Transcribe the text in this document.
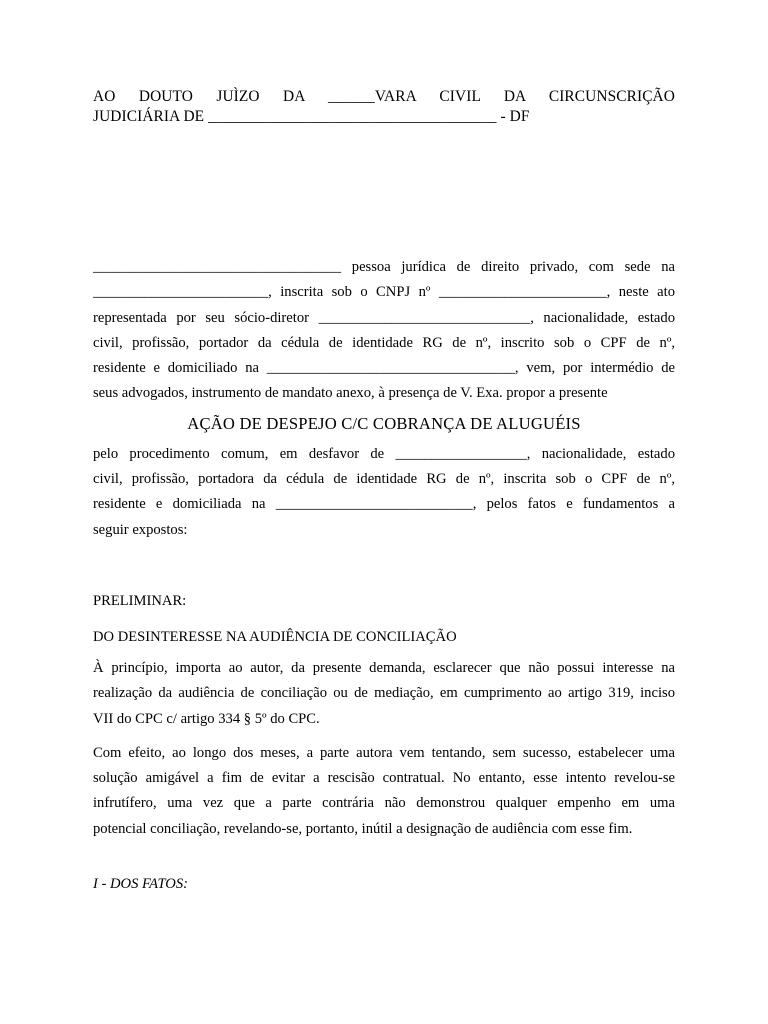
AO DOUTO JUÌZO DA ______VARA CIVIL DA CIRCUNSCRIÇÃO
JUDICIÁRIA DE _____________________________________ - DF
__________________________________ pessoa jurídica de direito privado, com sede na
________________________, inscrita sob o CNPJ nº _______________________, neste ato
representada por seu sócio-diretor _____________________________, nacionalidade, estado
civil, profissão, portador da cédula de identidade RG de nº, inscrito sob o CPF de nº,
residente e domiciliado na __________________________________, vem, por intermédio de
seus advogados, instrumento de mandato anexo, à presença de V. Exa. propor a presente

AÇÃO DE DESPEJO C/C COBRANÇA DE ALUGUÉIS

pelo procedimento comum, em desfavor de __________________, nacionalidade, estado
civil, profissão, portadora da cédula de identidade RG de nº, inscrita sob o CPF de nº,
residente e domiciliada na ___________________________, pelos fatos e fundamentos a
seguir expostos:

PRELIMINAR:

DO DESINTERESSE NA AUDIÊNCIA DE CONCILIAÇÃO

À princípio, importa ao autor, da presente demanda, esclarecer que não possui interesse na
realização da audiência de conciliação ou de mediação, em cumprimento ao artigo 319, inciso
VII do CPC c/ artigo 334 § 5º do CPC.
Com efeito, ao longo dos meses, a parte autora vem tentando, sem sucesso, estabelecer uma
solução amigável a fim de evitar a rescisão contratual. No entanto, esse intento revelou-se
infrutífero, uma vez que a parte contrária não demonstrou qualquer empenho em uma
potencial conciliação, revelando-se, portanto, inútil a designação de audiência com esse fim.

I - DOS FATOS:
